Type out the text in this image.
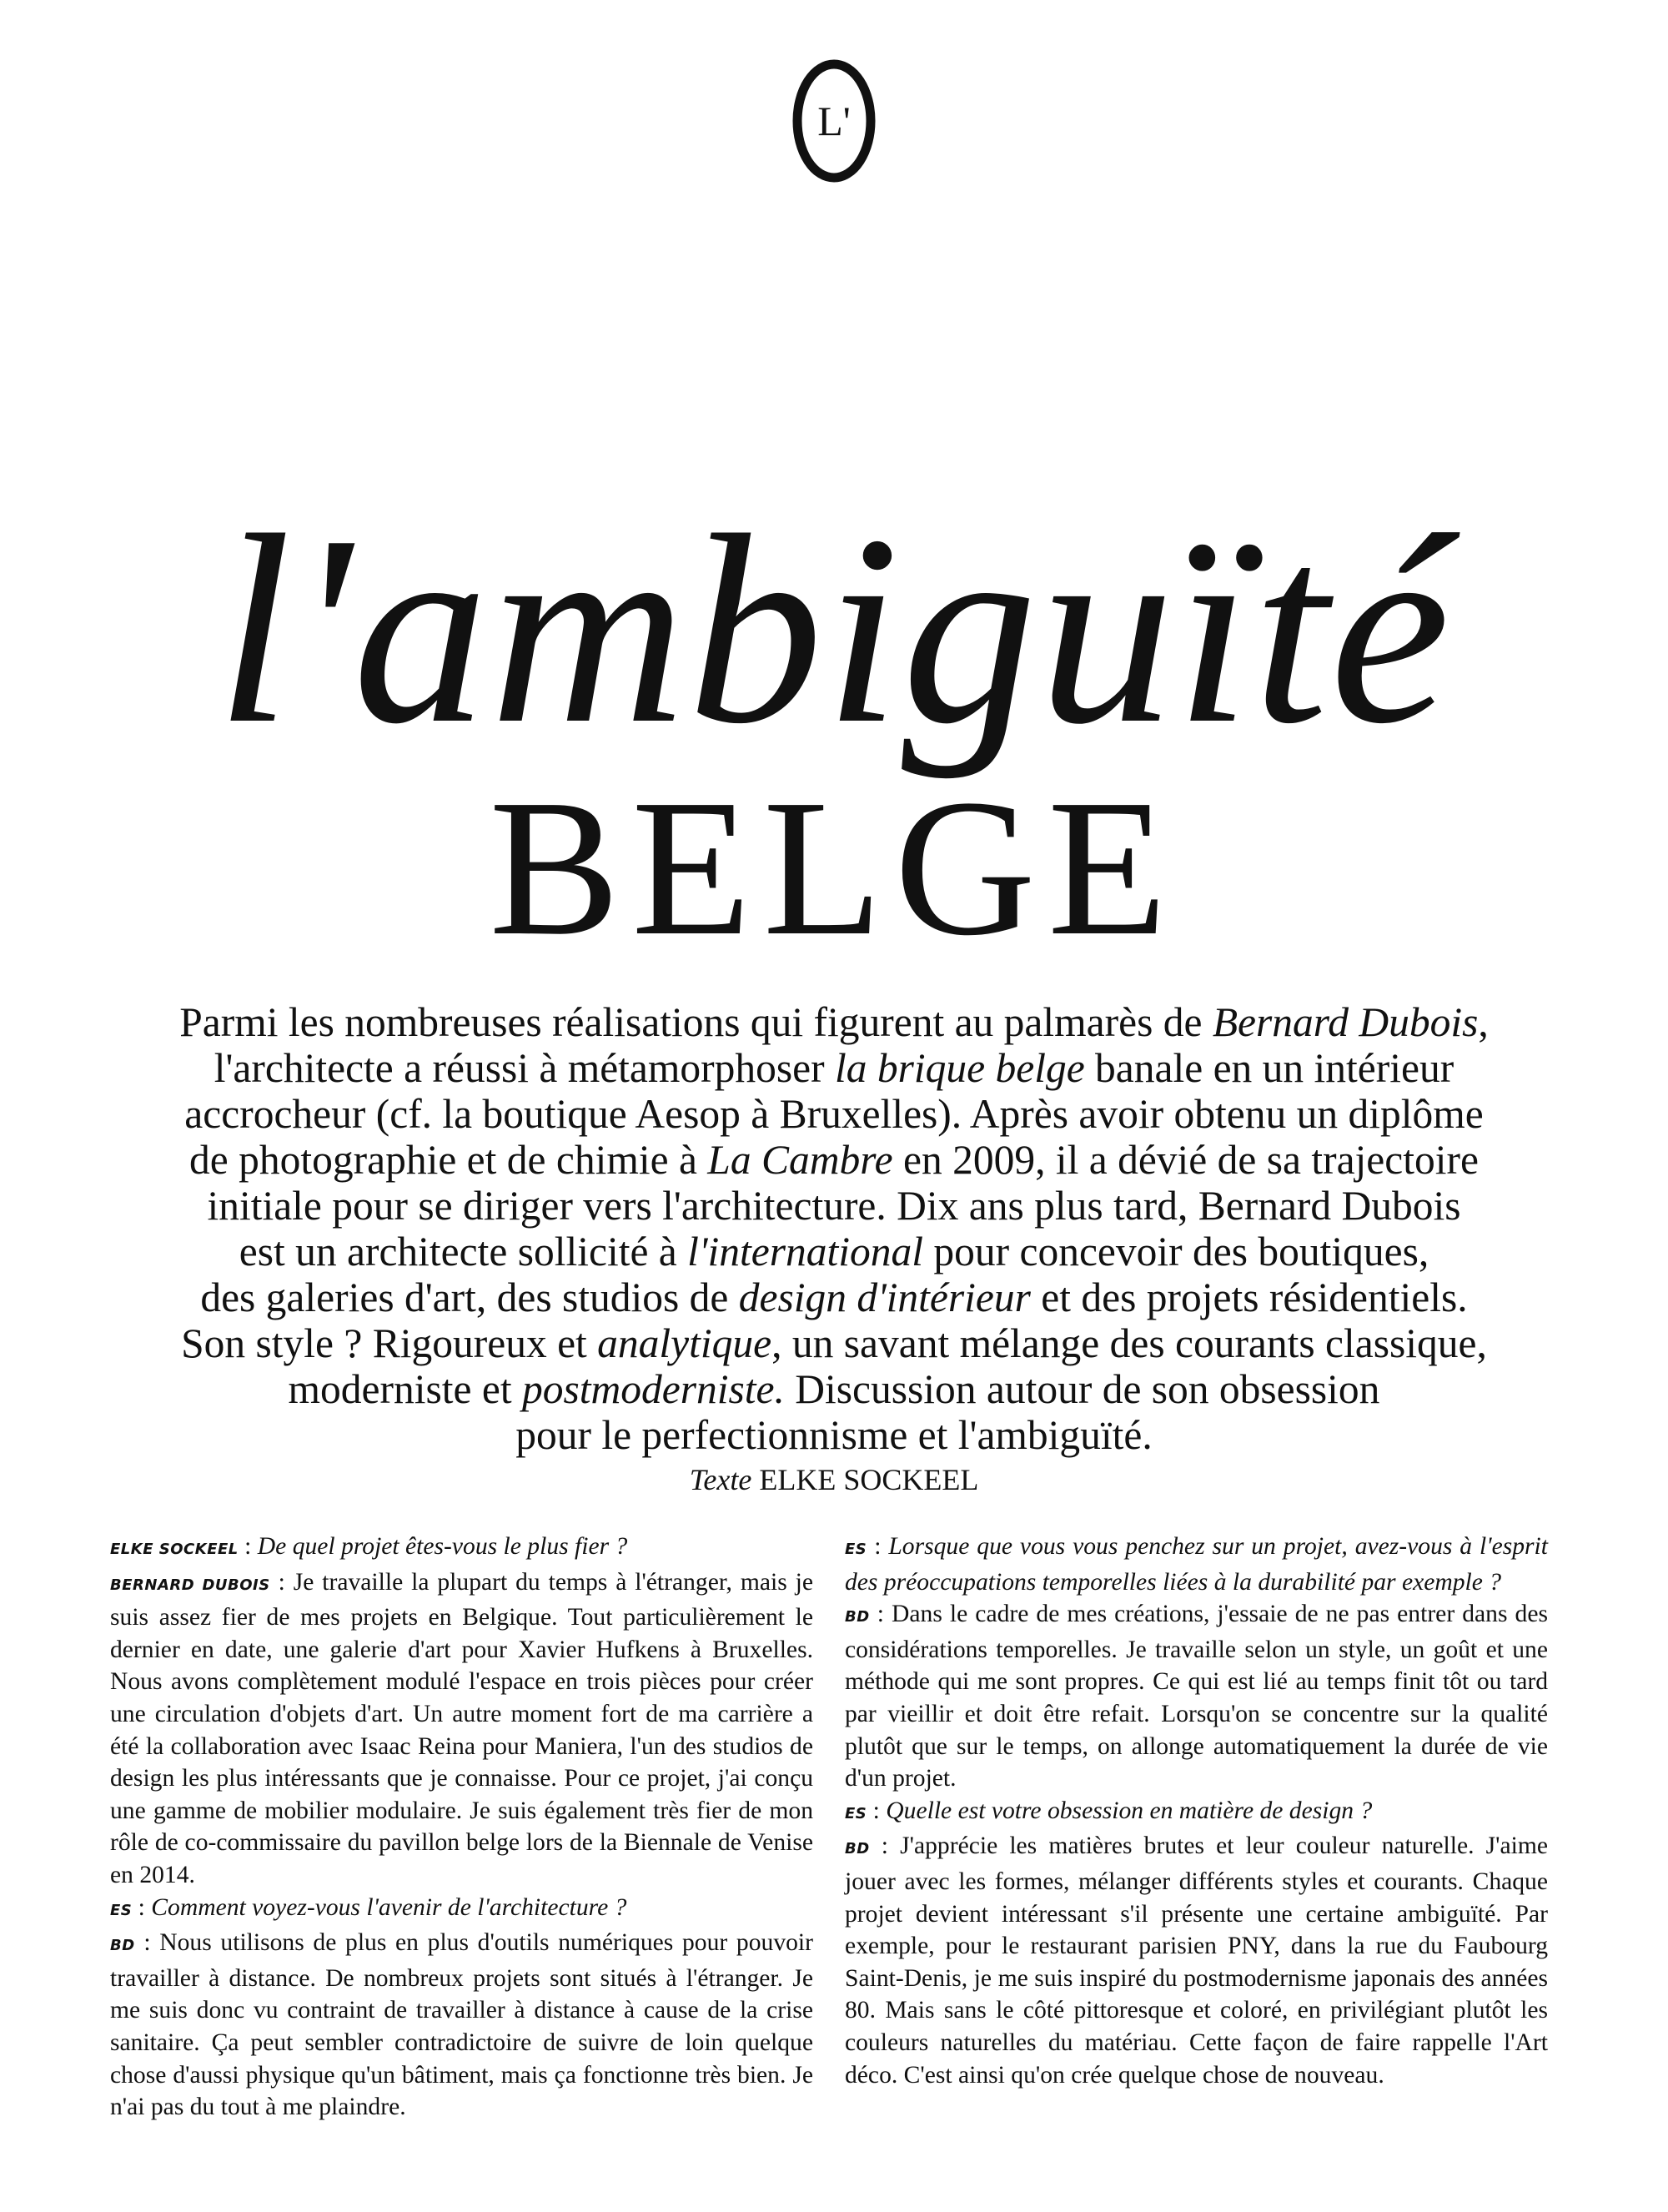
L'
l'ambiguïté
BELGE

Parmi les nombreuses réalisations qui figurent au palmarès de Bernard Dubois,
l'architecte a réussi à métamorphoser la brique belge banale en un intérieur
accrocheur (cf. la boutique Aesop à Bruxelles). Après avoir obtenu un diplôme
de photographie et de chimie à La Cambre en 2009, il a dévié de sa trajectoire
initiale pour se diriger vers l'architecture. Dix ans plus tard, Bernard Dubois
est un architecte sollicité à l'international pour concevoir des boutiques,
des galeries d'art, des studios de design d'intérieur et des projets résidentiels.
Son style ? Rigoureux et analytique, un savant mélange des courants classique,
moderniste et postmoderniste. Discussion autour de son obsession
pour le perfectionnisme et l'ambiguïté.

Texte ELKE SOCKEEL

ELKE SOCKEEL : De quel projet êtes-vous le plus fier ?

BERNARD DUBOIS : Je travaille la plupart du temps à l'étranger, mais je suis assez fier de mes projets en Belgique. Tout particulièrement le dernier en date, une galerie d'art pour Xavier Hufkens à Bruxelles. Nous avons complètement modulé l'espace en trois pièces pour créer une circulation d'objets d'art. Un autre moment fort de ma carrière a été la collaboration avec Isaac Reina pour Maniera, l'un des studios de design les plus intéressants que je connaisse. Pour ce projet, j'ai conçu une gamme de mobilier modulaire. Je suis également très fier de mon rôle de co-commissaire du pavillon belge lors de la Biennale de Venise en 2014.

ES : Comment voyez-vous l'avenir de l'architecture ?

BD : Nous utilisons de plus en plus d'outils numériques pour pouvoir travailler à distance. De nombreux projets sont situés à l'étranger. Je me suis donc vu contraint de travailler à distance à cause de la crise sanitaire. Ça peut sembler contradictoire de suivre de loin quelque chose d'aussi physique qu'un bâtiment, mais ça fonctionne très bien. Je n'ai pas du tout à me plaindre.

ES : Lorsque que vous vous penchez sur un projet, avez-vous à l'esprit des préoccupations temporelles liées à la durabilité par exemple ?

BD : Dans le cadre de mes créations, j'essaie de ne pas entrer dans des considérations temporelles. Je travaille selon un style, un goût et une méthode qui me sont propres. Ce qui est lié au temps finit tôt ou tard par vieillir et doit être refait. Lorsqu'on se concentre sur la qualité plutôt que sur le temps, on allonge automatiquement la durée de vie d'un projet.

ES : Quelle est votre obsession en matière de design ?

BD : J'apprécie les matières brutes et leur couleur naturelle. J'aime jouer avec les formes, mélanger différents styles et courants. Chaque projet devient intéressant s'il présente une certaine ambiguïté. Par exemple, pour le restaurant parisien PNY, dans la rue du Faubourg Saint-Denis, je me suis inspiré du postmodernisme japonais des années 80. Mais sans le côté pittoresque et coloré, en privilégiant plutôt les couleurs naturelles du matériau. Cette façon de faire rappelle l'Art déco. C'est ainsi qu'on crée quelque chose de nouveau.
